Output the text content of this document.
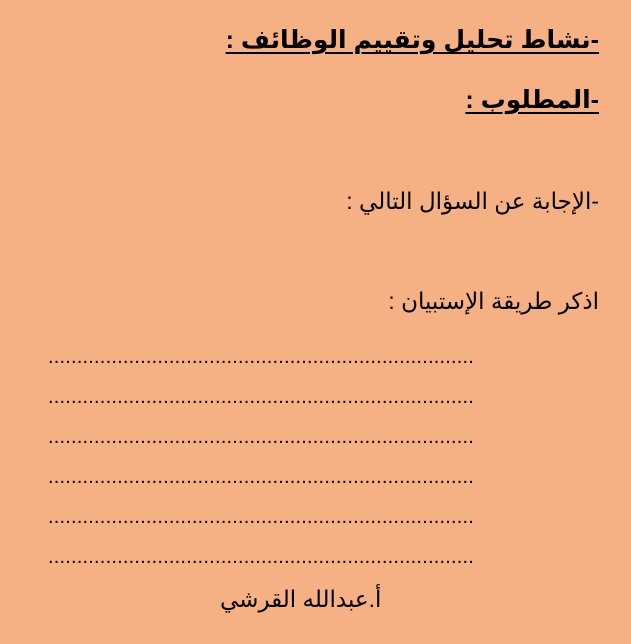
-نشاط تحليل وتقييم الوظائف :
-المطلوب :
-الإجابة عن السؤال التالي :
اذكر طريقة الإستبيان :
..........................................................................
..........................................................................
..........................................................................
..........................................................................
..........................................................................
..........................................................................
أ.عبدالله القرشي
